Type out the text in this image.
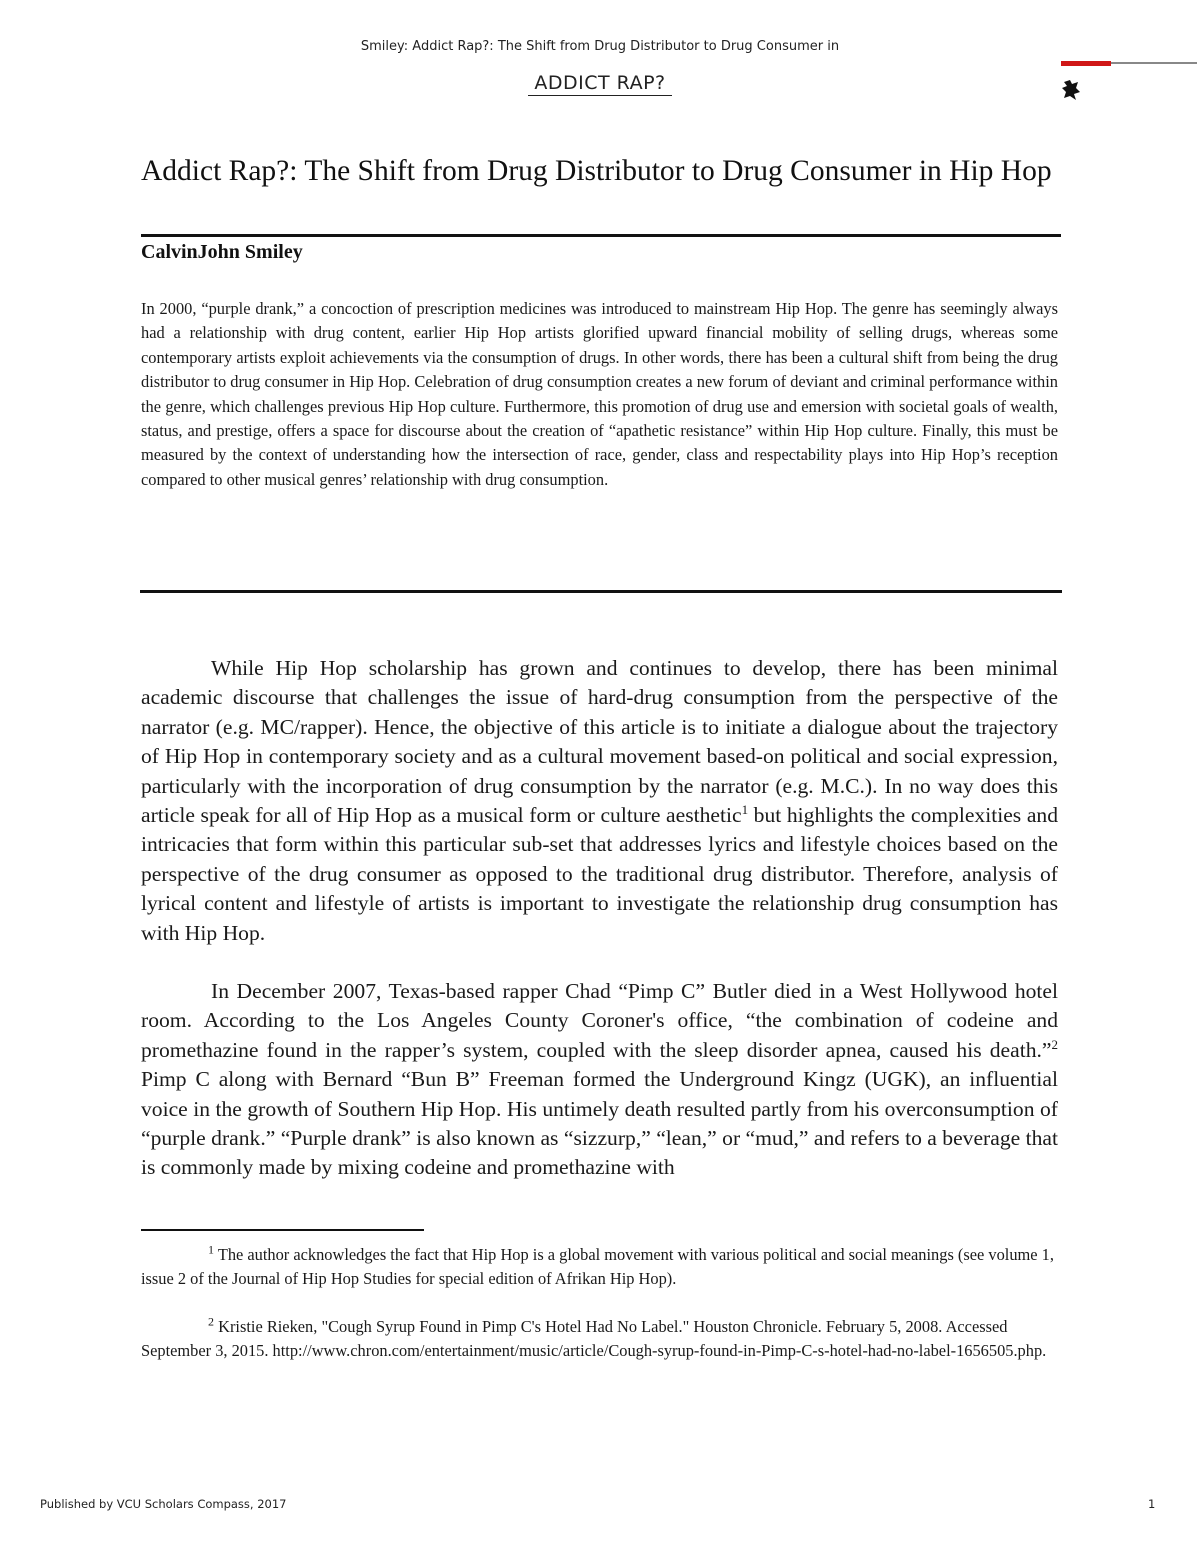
Smiley: Addict Rap?: The Shift from Drug Distributor to Drug Consumer in
ADDICT RAP?
Addict Rap?: The Shift from Drug Distributor to Drug Consumer in Hip Hop
CalvinJohn Smiley

In 2000, “purple drank,” a concoction of prescription medicines was introduced to mainstream Hip Hop. The genre has seemingly always had a relationship with drug content, earlier Hip Hop artists glorified upward financial mobility of selling drugs, whereas some contemporary artists exploit achievements via the consumption of drugs. In other words, there has been a cultural shift from being the drug distributor to drug consumer in Hip Hop. Celebration of drug consumption creates a new forum of deviant and criminal performance within the genre, which challenges previous Hip Hop culture. Furthermore, this promotion of drug use and emersion with societal goals of wealth, status, and prestige, offers a space for discourse about the creation of “apathetic resistance” within Hip Hop culture. Finally, this must be measured by the context of understanding how the intersection of race, gender, class and respectability plays into Hip Hop’s reception compared to other musical genres’ relationship with drug consumption.

While Hip Hop scholarship has grown and continues to develop, there has been minimal academic discourse that challenges the issue of hard-drug consumption from the perspective of the narrator (e.g. MC/rapper). Hence, the objective of this article is to initiate a dialogue about the trajectory of Hip Hop in contemporary society and as a cultural movement based-on political and social expression, particularly with the incorporation of drug consumption by the narrator (e.g. M.C.). In no way does this article speak for all of Hip Hop as a musical form or culture aesthetic$^1$ but highlights the complexities and intricacies that form within this particular sub-set that addresses lyrics and lifestyle choices based on the perspective of the drug consumer as opposed to the traditional drug distributor. Therefore, analysis of lyrical content and lifestyle of artists is important to investigate the relationship drug consumption has with Hip Hop.

In December 2007, Texas-based rapper Chad “Pimp C” Butler died in a West Hollywood hotel room. According to the Los Angeles County Coroner's office, “the combination of codeine and promethazine found in the rapper’s system, coupled with the sleep disorder apnea, caused his death.”$^2$ Pimp C along with Bernard “Bun B” Freeman formed the Underground Kingz (UGK), an influential voice in the growth of Southern Hip Hop. His untimely death resulted partly from his overconsumption of “purple drank.” “Purple drank” is also known as “sizzurp,” “lean,” or “mud,” and refers to a beverage that is commonly made by mixing codeine and promethazine with

$^1$ The author acknowledges the fact that Hip Hop is a global movement with various political and social meanings (see volume 1, issue 2 of the Journal of Hip Hop Studies for special edition of Afrikan Hip Hop).

$^2$ Kristie Rieken, "Cough Syrup Found in Pimp C's Hotel Had No Label." Houston Chronicle. February 5, 2008. Accessed September 3, 2015. http://www.chron.com/entertainment/music/article/Cough-syrup-found-in-Pimp-C-s-hotel-had-no-label-1656505.php.

Published by VCU Scholars Compass, 2017	1
